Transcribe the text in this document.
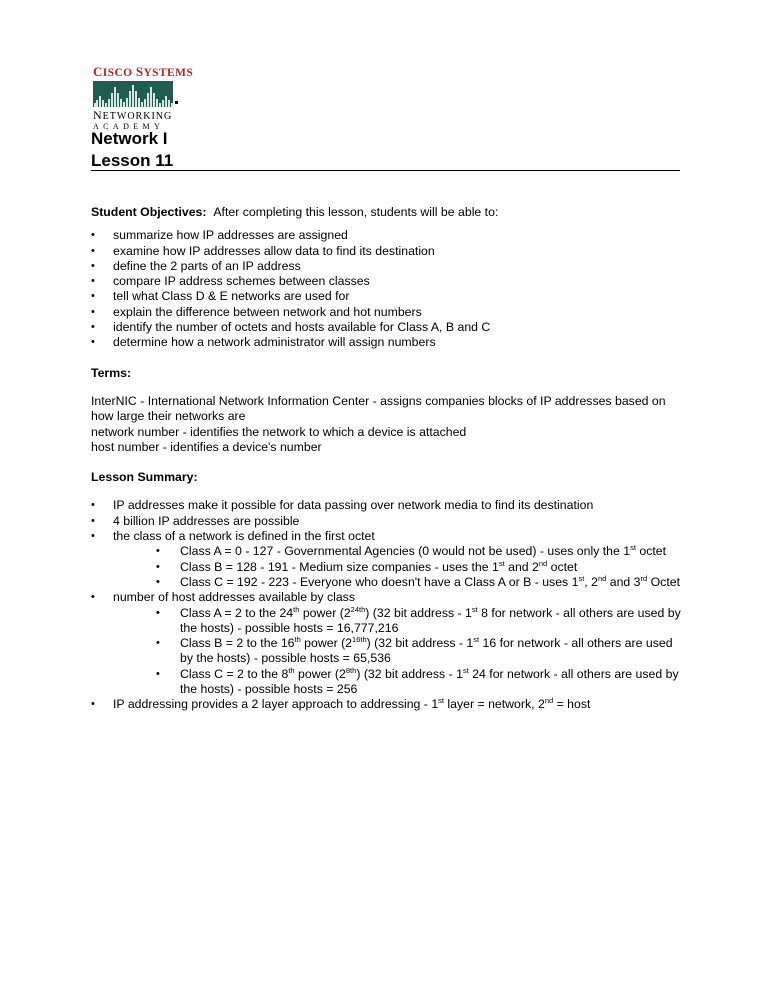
CISCO SYSTEMS
NETWORKING
ACADEMY
Network I
Lesson 11

Student Objectives: After completing this lesson, students will be able to:

• summarize how IP addresses are assigned
• examine how IP addresses allow data to find its destination
• define the 2 parts of an IP address
• compare IP address schemes between classes
• tell what Class D & E networks are used for
• explain the difference between network and hot numbers
• identify the number of octets and hosts available for Class A, B and C
• determine how a network administrator will assign numbers

Terms:

InterNIC - International Network Information Center - assigns companies blocks of IP addresses based on how large their networks are

network number - identifies the network to which a device is attached

host number - identifies a device's number

Lesson Summary:

• IP addresses make it possible for data passing over network media to find its destination
• 4 billion IP addresses are possible
• the class of a network is defined in the first octet
• Class A = 0 - 127 - Governmental Agencies (0 would not be used) - uses only the 1st octet
• Class B = 128 - 191 - Medium size companies - uses the 1st and 2nd octet
• Class C = 192 - 223 - Everyone who doesn't have a Class A or B - uses 1st, 2nd and 3rd Octet
• number of host addresses available by class
• Class A = 2 to the 24th power $(2^{24th})$ (32 bit address - 1st 8 for network - all others are used by the hosts) - possible hosts = 16,777,216
• Class B = 2 to the 16th power $(2^{16th})$ (32 bit address - 1st 16 for network - all others are used by the hosts) - possible hosts = 65,536
• Class C = 2 to the 8th power $(2^{8th})$ (32 bit address - 1st 24 for network - all others are used by the hosts) - possible hosts = 256
• IP addressing provides a 2 layer approach to addressing - 1st layer = network, 2nd = host
